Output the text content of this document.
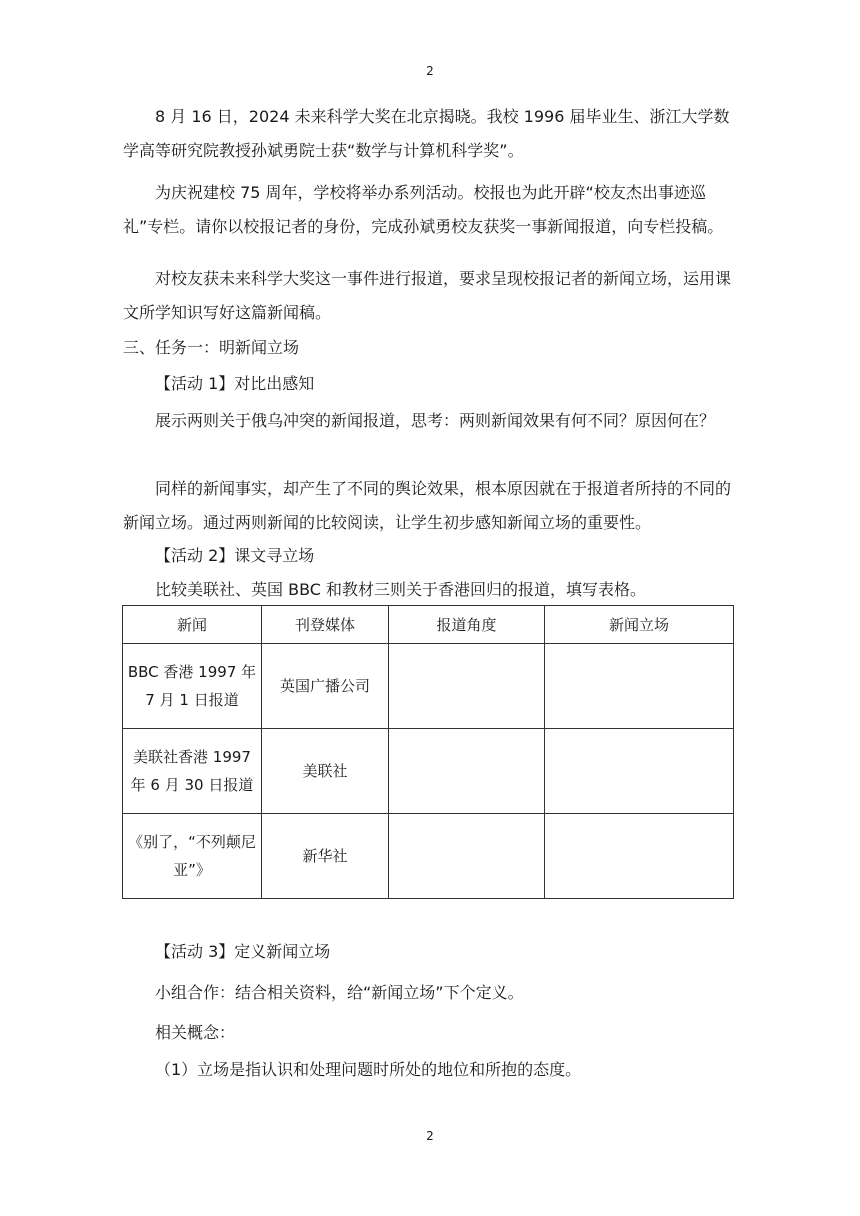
2

8 月 16 日，2024 未来科学大奖在北京揭晓。我校 1996 届毕业生、浙江大学数学高等研究院教授孙斌勇院士获“数学与计算机科学奖”。

为庆祝建校 75 周年，学校将举办系列活动。校报也为此开辟“校友杰出事迹巡礼”专栏。请你以校报记者的身份，完成孙斌勇校友获奖一事新闻报道，向专栏投稿。

对校友获未来科学大奖这一事件进行报道，要求呈现校报记者的新闻立场，运用课文所学知识写好这篇新闻稿。

三、任务一：明新闻立场

【活动 1】对比出感知

展示两则关于俄乌冲突的新闻报道，思考：两则新闻效果有何不同？原因何在？

同样的新闻事实，却产生了不同的舆论效果，根本原因就在于报道者所持的不同的新闻立场。通过两则新闻的比较阅读，让学生初步感知新闻立场的重要性。

【活动 2】课文寻立场

比较美联社、英国 BBC 和教材三则关于香港回归的报道，填写表格。

新闻	刊登媒体	报道角度	新闻立场
BBC 香港 1997 年 7 月 1 日报道	英国广播公司		
美联社香港 1997 年 6 月 30 日报道	美联社		
《别了，“不列颠尼亚”》	新华社		

【活动 3】定义新闻立场

小组合作：结合相关资料，给“新闻立场”下个定义。

相关概念：

（1）立场是指认识和处理问题时所处的地位和所抱的态度。

2
